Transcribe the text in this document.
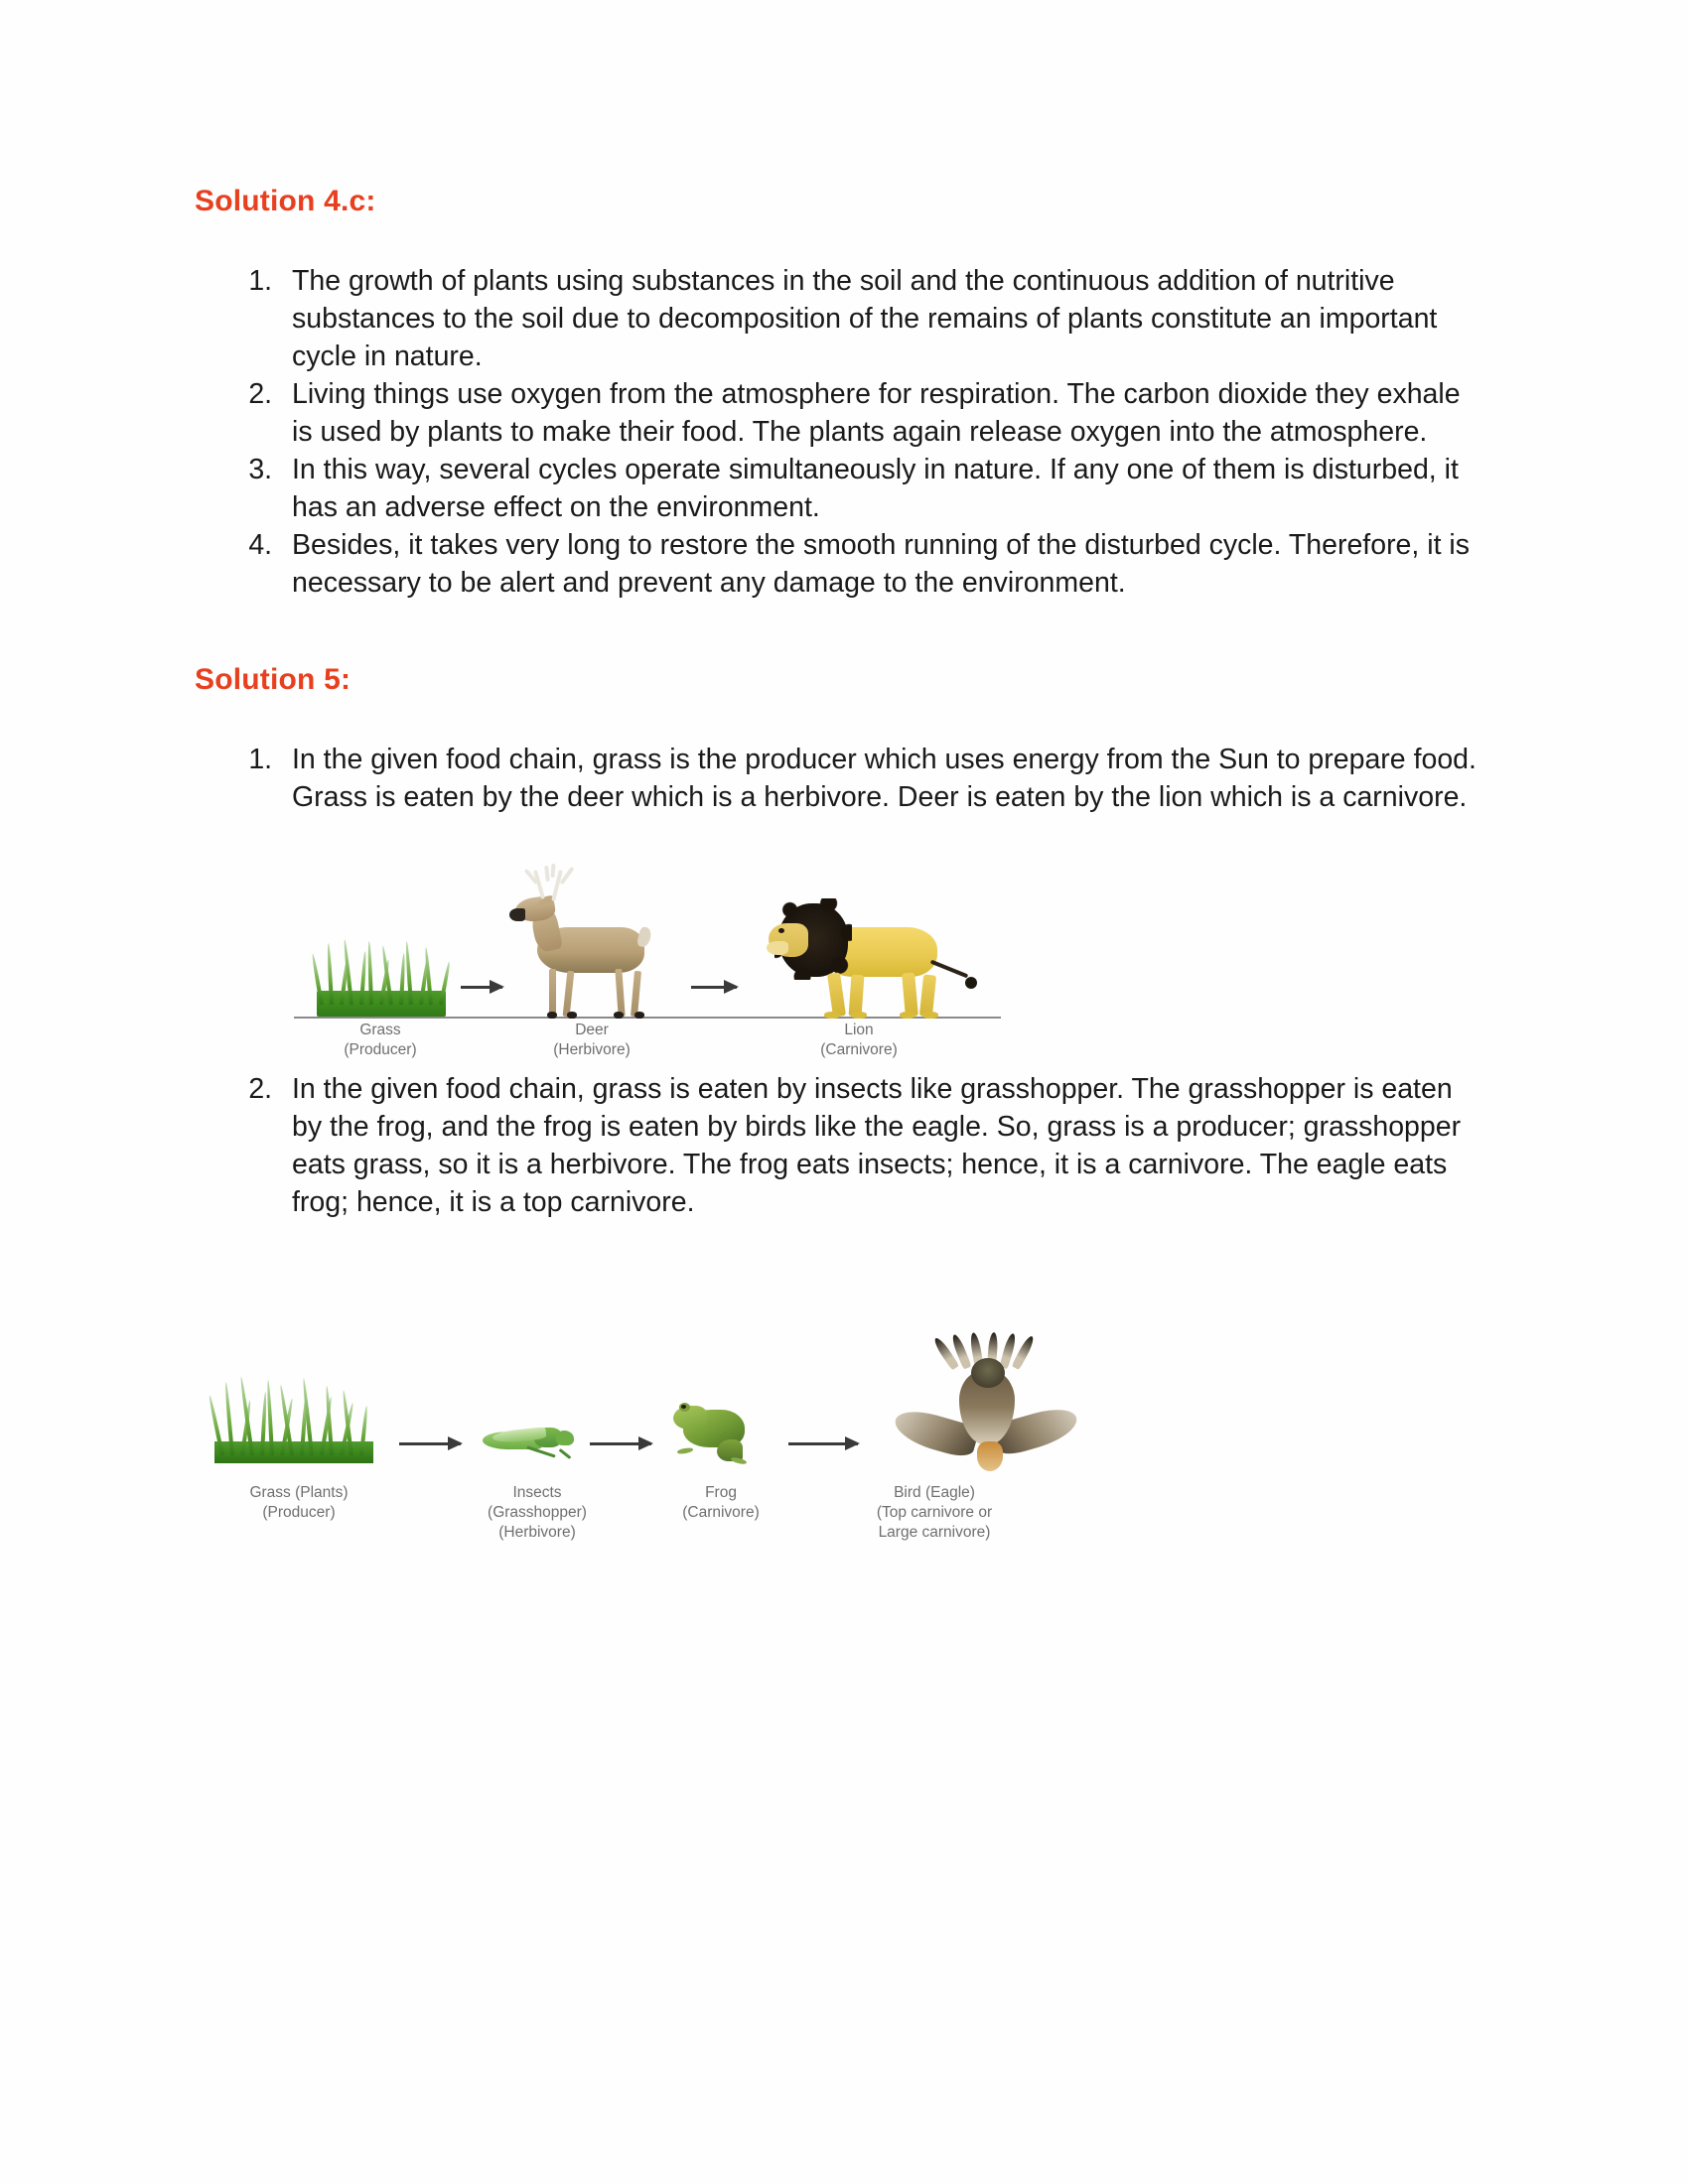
Solution 4.c:
1. The growth of plants using substances in the soil and the continuous addition of nutritive substances to the soil due to decomposition of the remains of plants constitute an important cycle in nature.
2. Living things use oxygen from the atmosphere for respiration. The carbon dioxide they exhale is used by plants to make their food. The plants again release oxygen into the atmosphere.
3. In this way, several cycles operate simultaneously in nature. If any one of them is disturbed, it has an adverse effect on the environment.
4. Besides, it takes very long to restore the smooth running of the disturbed cycle. Therefore, it is necessary to be alert and prevent any damage to the environment.
Solution 5:
1. In the given food chain, grass is the producer which uses energy from the Sun to prepare food. Grass is eaten by the deer which is a herbivore. Deer is eaten by the lion which is a carnivore.
Grass
(Producer)
Deer
(Herbivore)
Lion
(Carnivore)
2. In the given food chain, grass is eaten by insects like grasshopper. The grasshopper is eaten by the frog, and the frog is eaten by birds like the eagle. So, grass is a producer; grasshopper eats grass, so it is a herbivore. The frog eats insects; hence, it is a carnivore. The eagle eats frog; hence, it is a top carnivore.
Grass (Plants)
(Producer)
Insects
(Grasshopper)
(Herbivore)
Frog
(Carnivore)
Bird (Eagle)
(Top carnivore or
Large carnivore)
